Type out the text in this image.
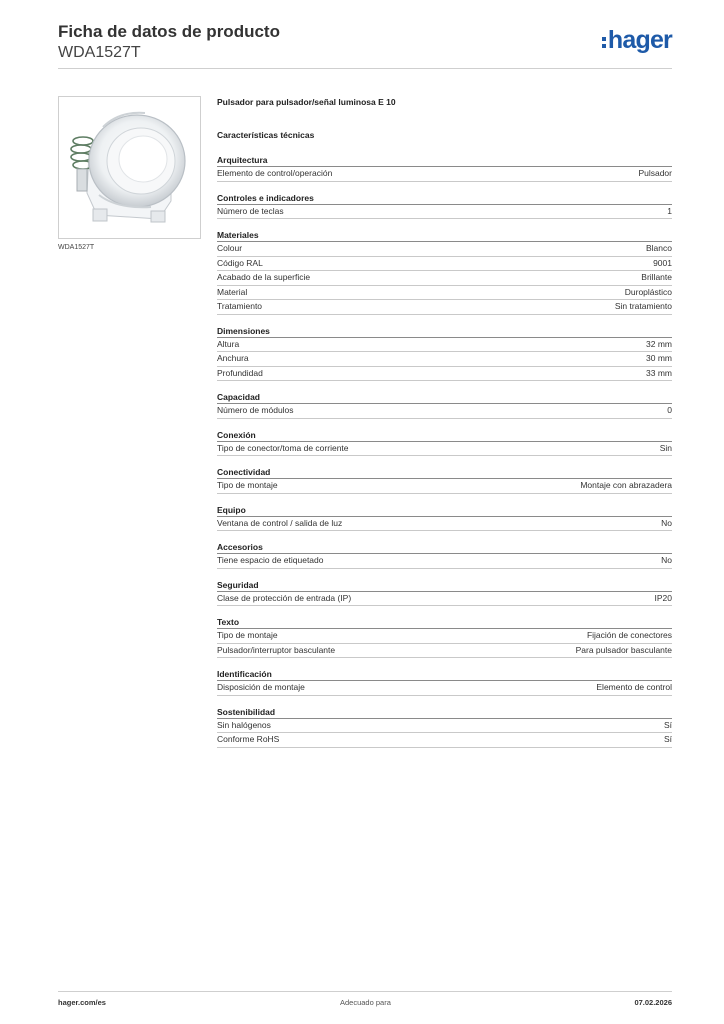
Ficha de datos de producto
WDA1527T	hager
WDA1527T
Pulsador para pulsador/señal luminosa E 10
Características técnicas
Arquitectura
Elemento de control/operación	Pulsador
Controles e indicadores
Número de teclas	1
Materiales
Colour	Blanco
Código RAL	9001
Acabado de la superficie	Brillante
Material	Duroplástico
Tratamiento	Sin tratamiento
Dimensiones
Altura	32 mm
Anchura	30 mm
Profundidad	33 mm
Capacidad
Número de módulos	0
Conexión
Tipo de conector/toma de corriente	Sin
Conectividad
Tipo de montaje	Montaje con abrazadera
Equipo
Ventana de control / salida de luz	No
Accesorios
Tiene espacio de etiquetado	No
Seguridad
Clase de protección de entrada (IP)	IP20
Texto
Tipo de montaje	Fijación de conectores
Pulsador/interruptor basculante	Para pulsador basculante
Identificación
Disposición de montaje	Elemento de control
Sostenibilidad
Sin halógenos	Sí
Conforme RoHS	Sí
hager.com/es	Adecuado para	07.02.2026
